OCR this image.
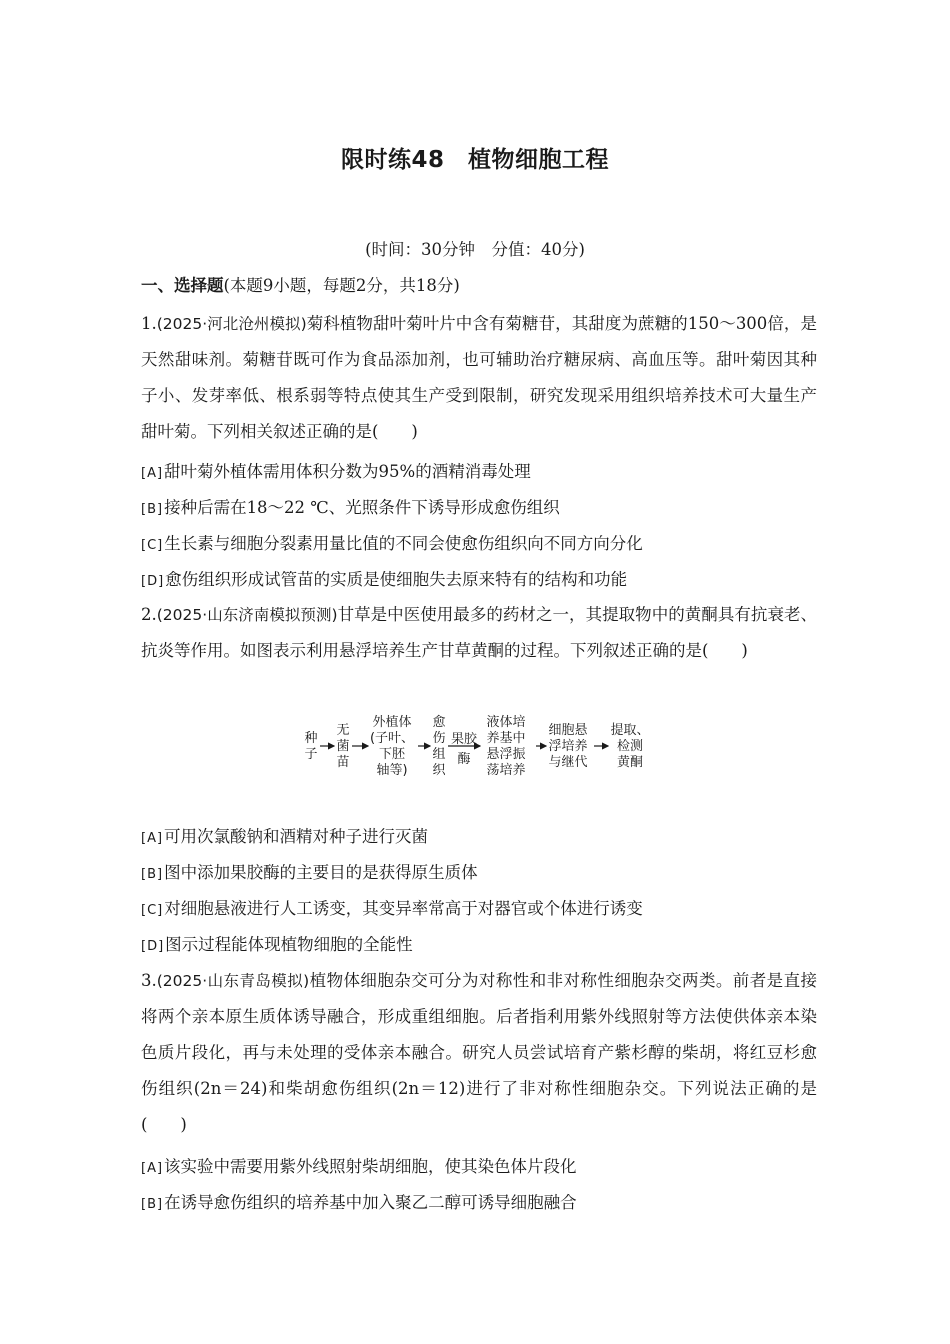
限时练48　植物细胞工程
(时间：30分钟　分值：40分)
一、选择题(本题9小题，每题2分，共18分)
1.(2025·河北沧州模拟)菊科植物甜叶菊叶片中含有菊糖苷，其甜度为蔗糖的150～300倍，是天然甜味剂。菊糖苷既可作为食品添加剂，也可辅助治疗糖尿病、高血压等。甜叶菊因其种子小、发芽率低、根系弱等特点使其生产受到限制，研究发现采用组织培养技术可大量生产甜叶菊。下列相关叙述正确的是(　　)
[A]甜叶菊外植体需用体积分数为95%的酒精消毒处理
[B]接种后需在18～22 ℃、光照条件下诱导形成愈伤组织
[C]生长素与细胞分裂素用量比值的不同会使愈伤组织向不同方向分化
[D]愈伤组织形成试管苗的实质是使细胞失去原来特有的结构和功能
2.(2025·山东济南模拟预测)甘草是中医使用最多的药材之一，其提取物中的黄酮具有抗衰老、抗炎等作用。如图表示利用悬浮培养生产甘草黄酮的过程。下列叙述正确的是(　　)
种
子
无
菌
苗
外植体
(子叶、
下胚
轴等)
愈
伤
组
织
液体培
养基中
悬浮振
荡培养
细胞悬
浮培养
与继代
提取、
检测
黄酮
果胶
酶
[A]可用次氯酸钠和酒精对种子进行灭菌
[B]图中添加果胶酶的主要目的是获得原生质体
[C]对细胞悬液进行人工诱变，其变异率常高于对器官或个体进行诱变
[D]图示过程能体现植物细胞的全能性
3.(2025·山东青岛模拟)植物体细胞杂交可分为对称性和非对称性细胞杂交两类。前者是直接将两个亲本原生质体诱导融合，形成重组细胞。后者指利用紫外线照射等方法使供体亲本染色质片段化，再与未处理的受体亲本融合。研究人员尝试培育产紫杉醇的柴胡，将红豆杉愈伤组织(2n＝24)和柴胡愈伤组织(2n＝12)进行了非对称性细胞杂交。下列说法正确的是(　　)
[A]该实验中需要用紫外线照射柴胡细胞，使其染色体片段化
[B]在诱导愈伤组织的培养基中加入聚乙二醇可诱导细胞融合
